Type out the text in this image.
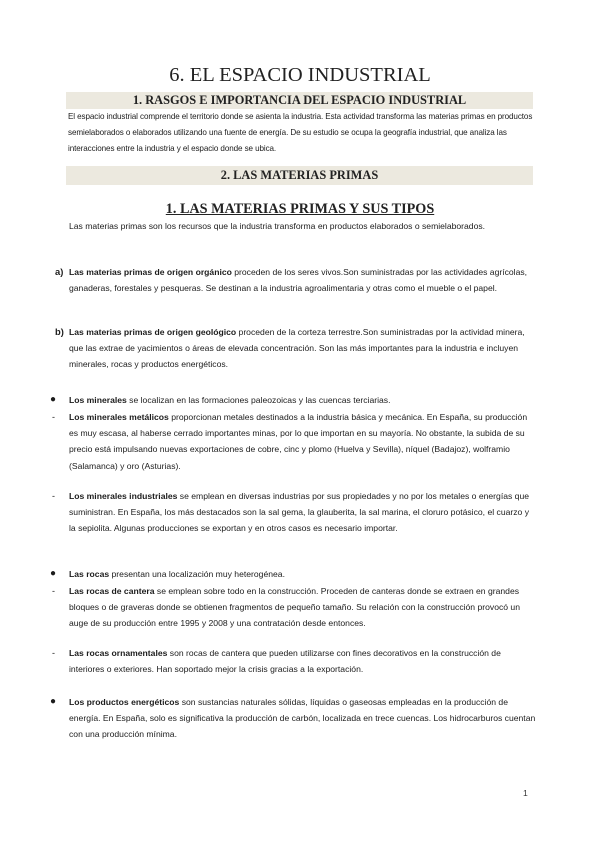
6. EL ESPACIO INDUSTRIAL
1. RASGOS E IMPORTANCIA DEL ESPACIO INDUSTRIAL
El espacio industrial comprende el territorio donde se asienta la industria. Esta actividad transforma las materias primas en productos semielaborados o elaborados utilizando una fuente de energía. De su estudio se ocupa la geografía industrial, que analiza las interacciones entre la industria y el espacio donde se ubica.
2. LAS MATERIAS PRIMAS
1. LAS MATERIAS PRIMAS Y SUS TIPOS
Las materias primas son los recursos que la industria transforma en productos elaborados o semielaborados.
a) Las materias primas de origen orgánico proceden de los seres vivos.Son suministradas por las actividades agrícolas, ganaderas, forestales y pesqueras. Se destinan a la industria agroalimentaria y otras como el mueble o el papel.
b) Las materias primas de origen geológico proceden de la corteza terrestre.Son suministradas por la actividad minera, que las extrae de yacimientos o áreas de elevada concentración. Son las más importantes para la industria e incluyen minerales, rocas y productos energéticos.
● Los minerales se localizan en las formaciones paleozoicas y las cuencas terciarias.
- Los minerales metálicos proporcionan metales destinados a la industria básica y mecánica. En España, su producción es muy escasa, al haberse cerrado importantes minas, por lo que importan en su mayoría. No obstante, la subida de su precio está impulsando nuevas exportaciones de cobre, cinc y plomo (Huelva y Sevilla), níquel (Badajoz), wolframio (Salamanca) y oro (Asturias).
- Los minerales industriales se emplean en diversas industrias por sus propiedades y no por los metales o energías que suministran. En España, los más destacados son la sal gema, la glauberita, la sal marina, el cloruro potásico, el cuarzo y la sepiolita. Algunas producciones se exportan y en otros casos es necesario importar.
● Las rocas presentan una localización muy heterogénea.
- Las rocas de cantera se emplean sobre todo en la construcción. Proceden de canteras donde se extraen en grandes bloques o de graveras donde se obtienen fragmentos de pequeño tamaño. Su relación con la construcción provocó un auge de su producción entre 1995 y 2008 y una contratación desde entonces.
- Las rocas ornamentales son rocas de cantera que pueden utilizarse con fines decorativos en la construcción de interiores o exteriores. Han soportado mejor la crisis gracias a la exportación.
● Los productos energéticos son sustancias naturales sólidas, líquidas o gaseosas empleadas en la producción de energía. En España, solo es significativa la producción de carbón, localizada en trece cuencas. Los hidrocarburos cuentan con una producción mínima.
1
